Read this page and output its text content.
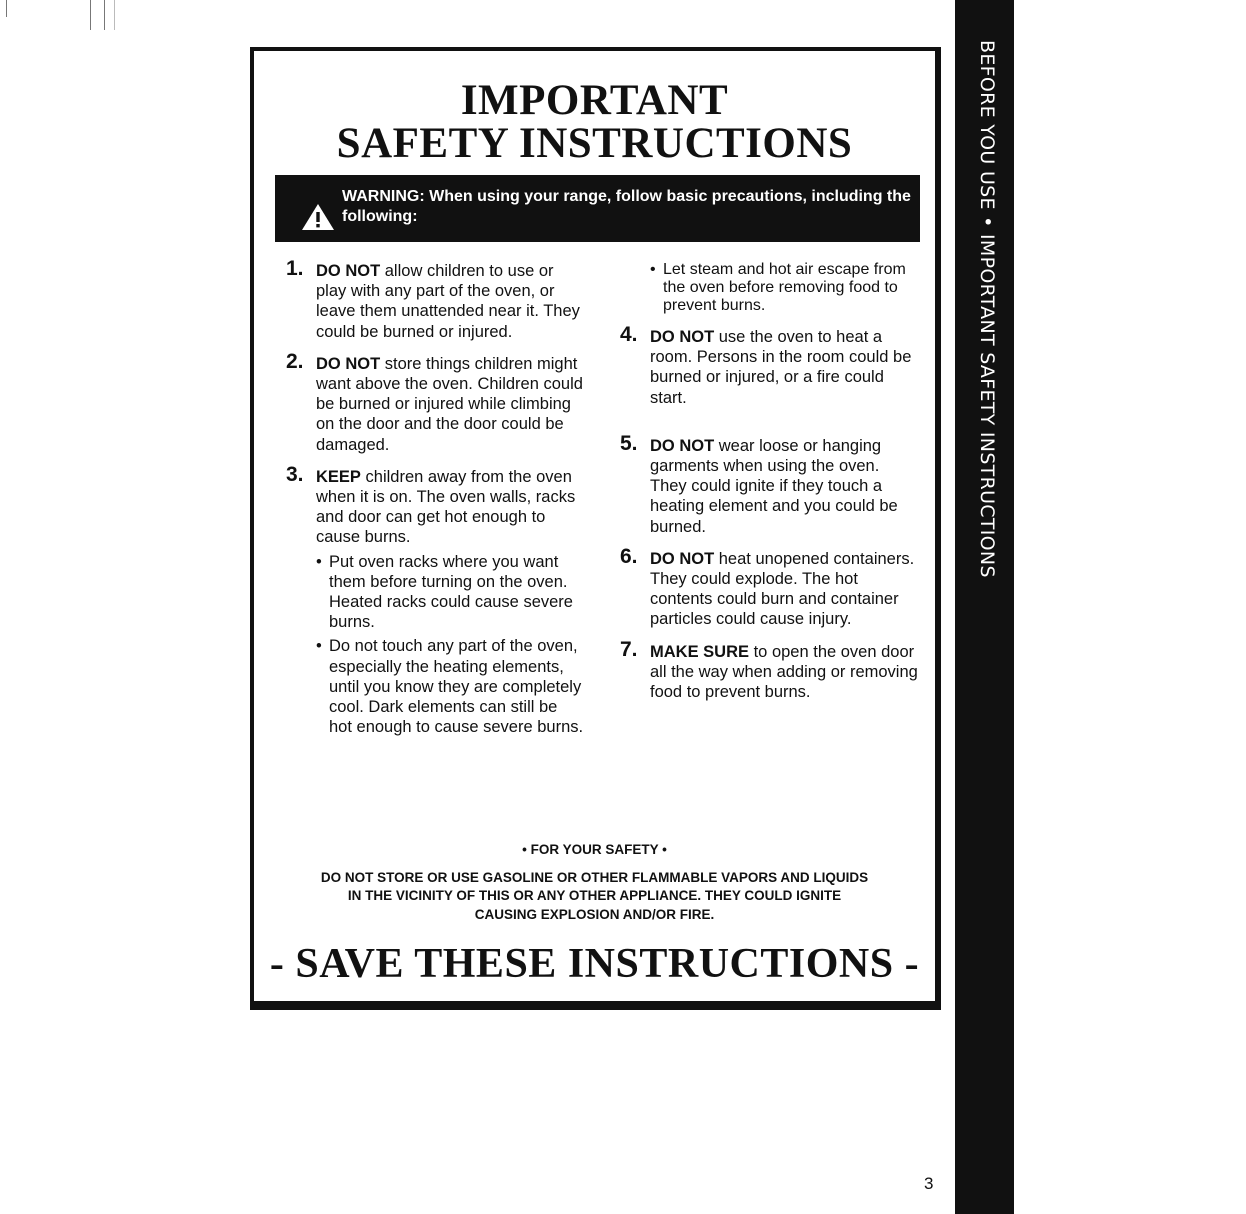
BEFORE YOU USE • IMPORTANT SAFETY INSTRUCTIONS
IMPORTANT
SAFETY INSTRUCTIONS
WARNING: When using your range, follow basic precautions, including the following:
1. DO NOT allow children to use or play with any part of the oven, or leave them unattended near it. They could be burned or injured.
2. DO NOT store things children might want above the oven. Children could be burned or injured while climbing on the door and the door could be damaged.
3. KEEP children away from the oven when it is on. The oven walls, racks and door can get hot enough to cause burns.
• Put oven racks where you want them before turning on the oven. Heated racks could cause severe burns.
• Do not touch any part of the oven, especially the heating elements, until you know they are completely cool. Dark elements can still be hot enough to cause severe burns.
• Let steam and hot air escape from the oven before removing food to prevent burns.
4. DO NOT use the oven to heat a room. Persons in the room could be burned or injured, or a fire could start.
5. DO NOT wear loose or hanging garments when using the oven. They could ignite if they touch a heating element and you could be burned.
6. DO NOT heat unopened containers. They could explode. The hot contents could burn and container particles could cause injury.
7. MAKE SURE to open the oven door all the way when adding or removing food to prevent burns.
• FOR YOUR SAFETY •
DO NOT STORE OR USE GASOLINE OR OTHER FLAMMABLE VAPORS AND LIQUIDS
IN THE VICINITY OF THIS OR ANY OTHER APPLIANCE. THEY COULD IGNITE
CAUSING EXPLOSION AND/OR FIRE.
- SAVE THESE INSTRUCTIONS -
3
